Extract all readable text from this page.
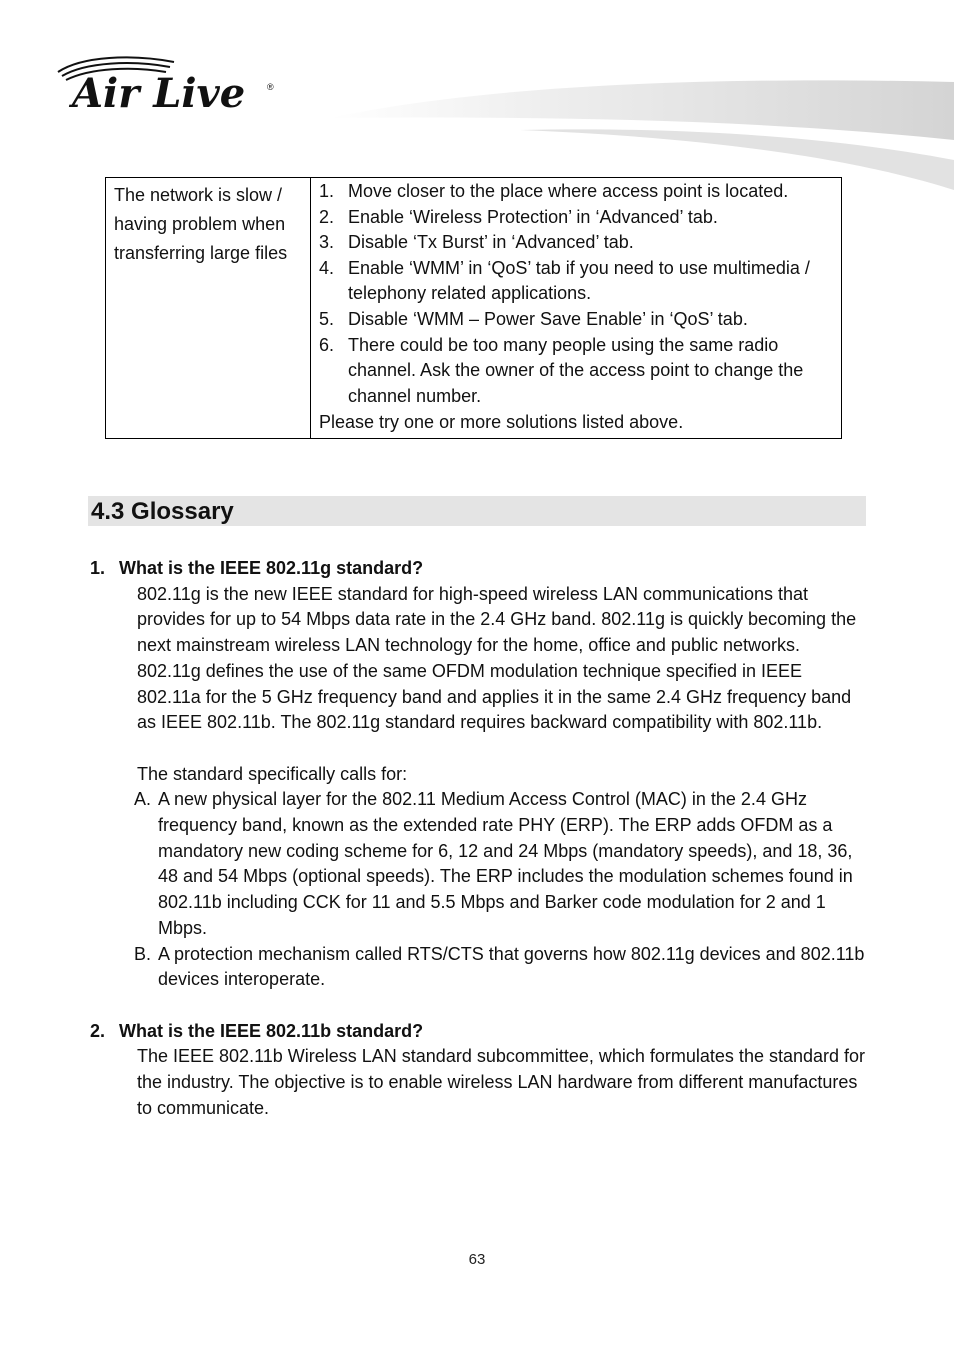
Air Live ®
The network is slow / having problem when transferring large files	
1. Move closer to the place where access point is located.
2. Enable ‘Wireless Protection’ in ‘Advanced’ tab.
3. Disable ‘Tx Burst’ in ‘Advanced’ tab.
4. Enable ‘WMM’ in ‘QoS’ tab if you need to use multimedia / telephony related applications.
5. Disable ‘WMM – Power Save Enable’ in ‘QoS’ tab.
6. There could be too many people using the same radio channel. Ask the owner of the access point to change the channel number.
Please try one or more solutions listed above.
4.3 Glossary
1. What is the IEEE 802.11g standard?
802.11g is the new IEEE standard for high-speed wireless LAN communications that provides for up to 54 Mbps data rate in the 2.4 GHz band. 802.11g is quickly becoming the next mainstream wireless LAN technology for the home, office and public networks.
802.11g defines the use of the same OFDM modulation technique specified in IEEE 802.11a for the 5 GHz frequency band and applies it in the same 2.4 GHz frequency band as IEEE 802.11b. The 802.11g standard requires backward compatibility with 802.11b.
The standard specifically calls for:
A. A new physical layer for the 802.11 Medium Access Control (MAC) in the 2.4 GHz frequency band, known as the extended rate PHY (ERP). The ERP adds OFDM as a mandatory new coding scheme for 6, 12 and 24 Mbps (mandatory speeds), and 18, 36, 48 and 54 Mbps (optional speeds). The ERP includes the modulation schemes found in 802.11b including CCK for 11 and 5.5 Mbps and Barker code modulation for 2 and 1 Mbps.
B. A protection mechanism called RTS/CTS that governs how 802.11g devices and 802.11b devices interoperate.
2. What is the IEEE 802.11b standard?
The IEEE 802.11b Wireless LAN standard subcommittee, which formulates the standard for the industry. The objective is to enable wireless LAN hardware from different manufactures to communicate.
63
